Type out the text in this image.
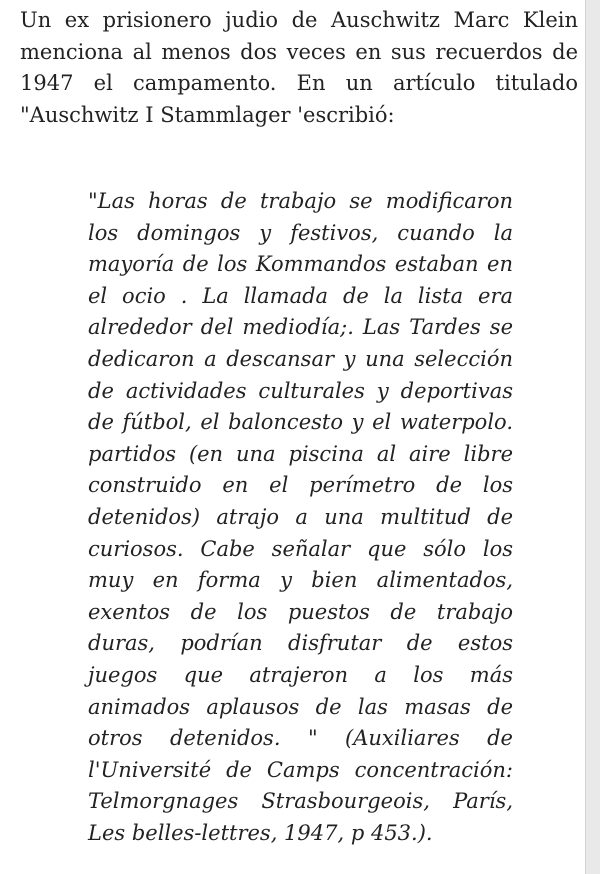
Un ex prisionero judio de Auschwitz Marc Klein
menciona al menos dos veces en sus recuerdos de
1947 el campamento. En un artículo titulado
"Auschwitz I Stammlager 'escribió:

"Las horas de trabajo se modificaron
los domingos y festivos, cuando la
mayoría de los Kommandos estaban en
el ocio . La llamada de la lista era
alrededor del mediodía;. Las Tardes se
dedicaron a descansar y una selección
de actividades culturales y deportivas
de fútbol, el baloncesto y el waterpolo.
partidos (en una piscina al aire libre
construido en el perímetro de los
detenidos) atrajo a una multitud de
curiosos. Cabe señalar que sólo los
muy en forma y bien alimentados,
exentos de los puestos de trabajo
duras, podrían disfrutar de estos
juegos que atrajeron a los más
animados aplausos de las masas de
otros detenidos. " (Auxiliares de
l'Université de Camps concentración:
Telmorgnages Strasbourgeois, París,
Les belles-lettres, 1947, p 453.).
